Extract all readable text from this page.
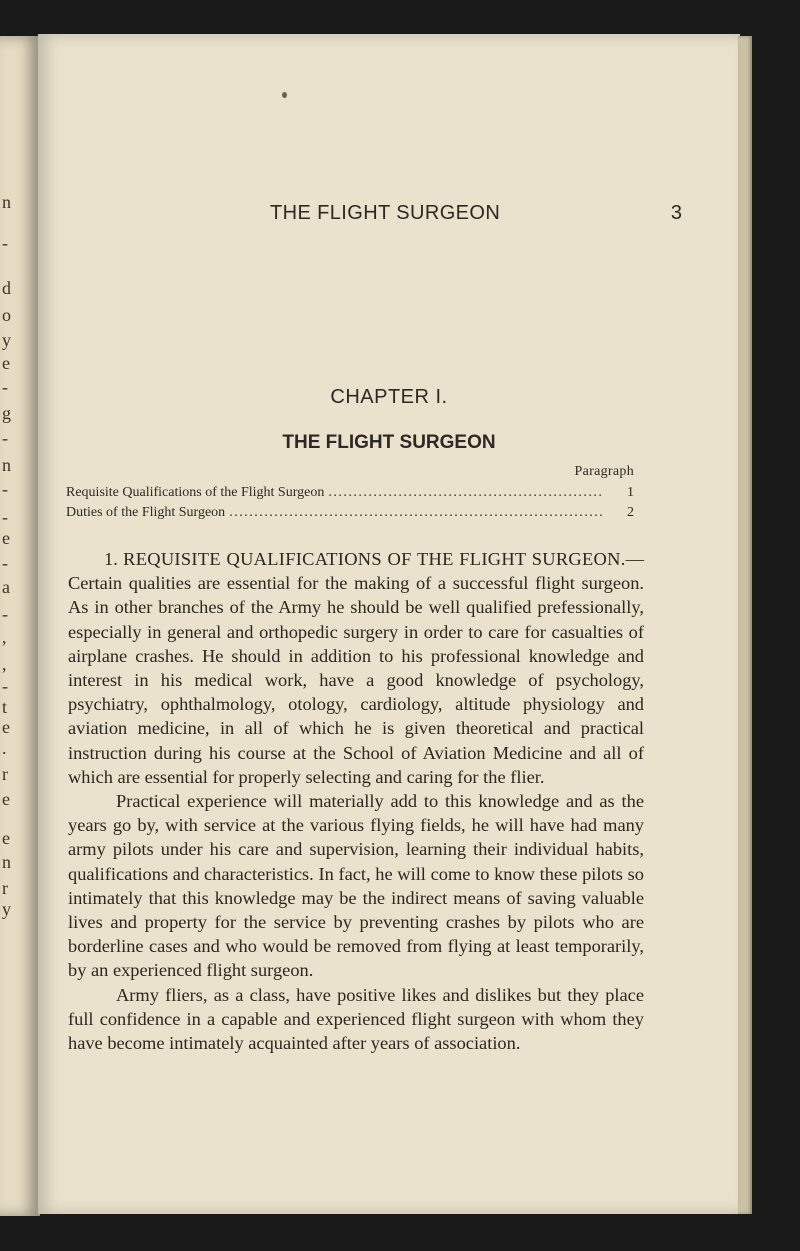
n
-
d
o
y
e
-
g
-
n
-
-
e
-
a
-
,
,
-
t
e
.
r
e
e
n
r
y
THE FLIGHT SURGEON	3
CHAPTER I.
THE FLIGHT SURGEON
Paragraph
Requisite Qualifications of the Flight Surgeon . . .	1
Duties of the Flight Surgeon . . .	2

1. REQUISITE QUALIFICATIONS OF THE FLIGHT SURGEON.—Certain qualities are essential for the making of a successful flight surgeon. As in other branches of the Army he should be well qualified prefessionally, especially in general and orthopedic surgery in order to care for casualties of airplane crashes. He should in addition to his professional knowledge and interest in his medical work, have a good knowledge of psychology, psychiatry, ophthalmology, otology, cardiology, altitude physiology and aviation medicine, in all of which he is given theoretical and practical instruction during his course at the School of Aviation Medicine and all of which are essential for properly selecting and caring for the flier.

Practical experience will materially add to this knowledge and as the years go by, with service at the various flying fields, he will have had many army pilots under his care and supervision, learning their individual habits, qualifications and characteristics. In fact, he will come to know these pilots so intimately that this knowledge may be the indirect means of saving valuable lives and property for the service by preventing crashes by pilots who are borderline cases and who would be removed from flying at least temporarily, by an experienced flight surgeon.

Army fliers, as a class, have positive likes and dislikes but they place full confidence in a capable and experienced flight surgeon with whom they have become intimately acquainted after years of association.
